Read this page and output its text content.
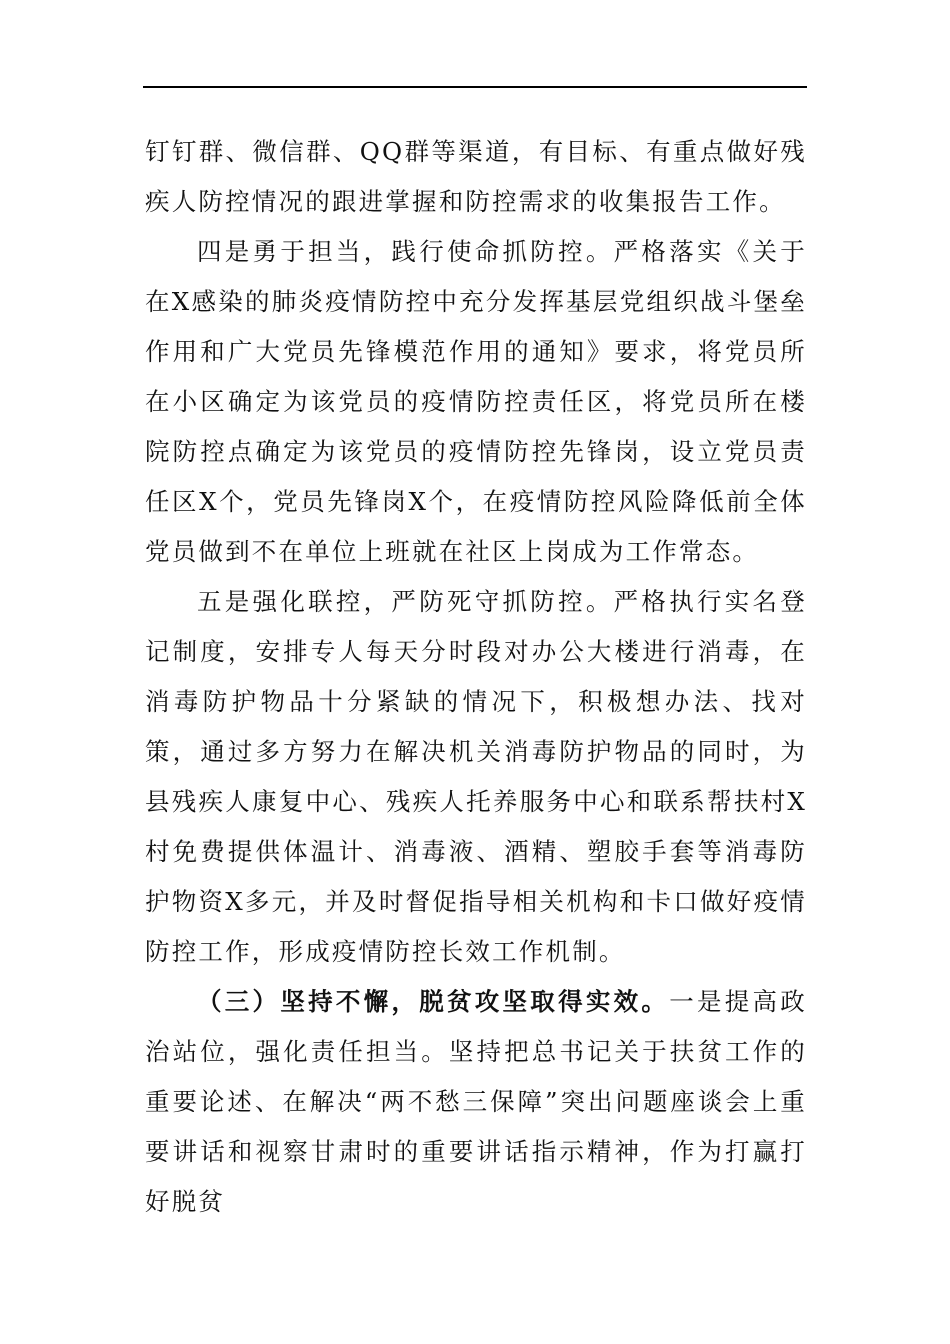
钉钉群、微信群、QQ群等渠道，有目标、有重点做好残疾人防控情况的跟进掌握和防控需求的收集报告工作。

四是勇于担当，践行使命抓防控。严格落实《关于在X感染的肺炎疫情防控中充分发挥基层党组织战斗堡垒作用和广大党员先锋模范作用的通知》要求，将党员所在小区确定为该党员的疫情防控责任区，将党员所在楼院防控点确定为该党员的疫情防控先锋岗，设立党员责任区X个，党员先锋岗X个，在疫情防控风险降低前全体党员做到不在单位上班就在社区上岗成为工作常态。

五是强化联控，严防死守抓防控。严格执行实名登记制度，安排专人每天分时段对办公大楼进行消毒，在消毒防护物品十分紧缺的情况下，积极想办法、找对策，通过多方努力在解决机关消毒防护物品的同时，为县残疾人康复中心、残疾人托养服务中心和联系帮扶村X村免费提供体温计、消毒液、酒精、塑胶手套等消毒防护物资X多元，并及时督促指导相关机构和卡口做好疫情防控工作，形成疫情防控长效工作机制。

（三）坚持不懈，脱贫攻坚取得实效。一是提高政治站位，强化责任担当。坚持把总书记关于扶贫工作的重要论述、在解决“两不愁三保障”突出问题座谈会上重要讲话和视察甘肃时的重要讲话指示精神，作为打赢打好脱贫
